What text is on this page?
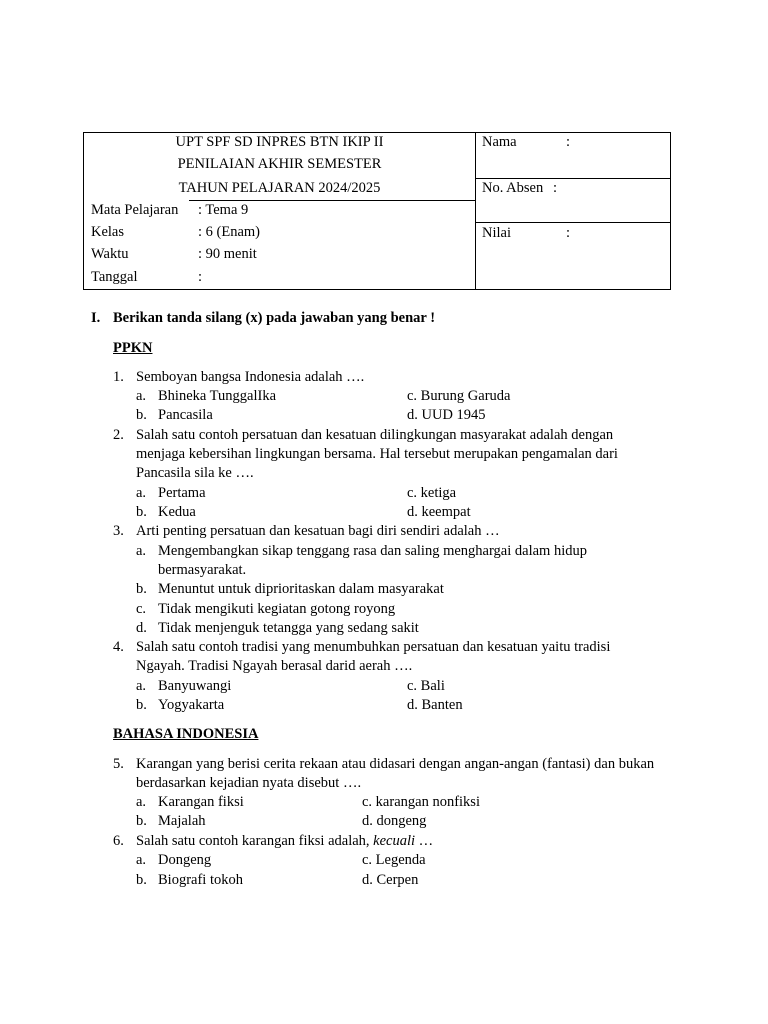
UPT SPF SD INPRES BTN IKIP II
PENILAIAN AKHIR SEMESTER
TAHUN PELAJARAN 2024/2025
Mata Pelajaran : Tema 9
Kelas	: 6 (Enam)
Waktu	: 90 menit
Tanggal	:
Nama	:
No. Absen :
Nilai	:
I. Berikan tanda silang (x) pada jawaban yang benar !
PPKN
1. Semboyan bangsa Indonesia adalah ….
a. Bhineka TunggalIka	c. Burung Garuda
b. Pancasila	d. UUD 1945
2. Salah satu contoh persatuan dan kesatuan dilingkungan masyarakat adalah dengan
menjaga kebersihan lingkungan bersama. Hal tersebut merupakan pengamalan dari
Pancasila sila ke ….
a. Pertama	c. ketiga
b. Kedua	d. keempat
3. Arti penting persatuan dan kesatuan bagi diri sendiri adalah …
a. Mengembangkan sikap tenggang rasa dan saling menghargai dalam hidup
bermasyarakat.
b. Menuntut untuk diprioritaskan dalam masyarakat
c. Tidak mengikuti kegiatan gotong royong
d. Tidak menjenguk tetangga yang sedang sakit
4. Salah satu contoh tradisi yang menumbuhkan persatuan dan kesatuan yaitu tradisi
Ngayah. Tradisi Ngayah berasal darid aerah ….
a. Banyuwangi	c. Bali
b. Yogyakarta	d. Banten
BAHASA INDONESIA
5. Karangan yang berisi cerita rekaan atau didasari dengan angan-angan (fantasi) dan bukan
berdasarkan kejadian nyata disebut ….
a. Karangan fiksi	c. karangan nonfiksi
b. Majalah	d. dongeng
6. Salah satu contoh karangan fiksi adalah, kecuali …
a. Dongeng	c. Legenda
b. Biografi tokoh	d. Cerpen
